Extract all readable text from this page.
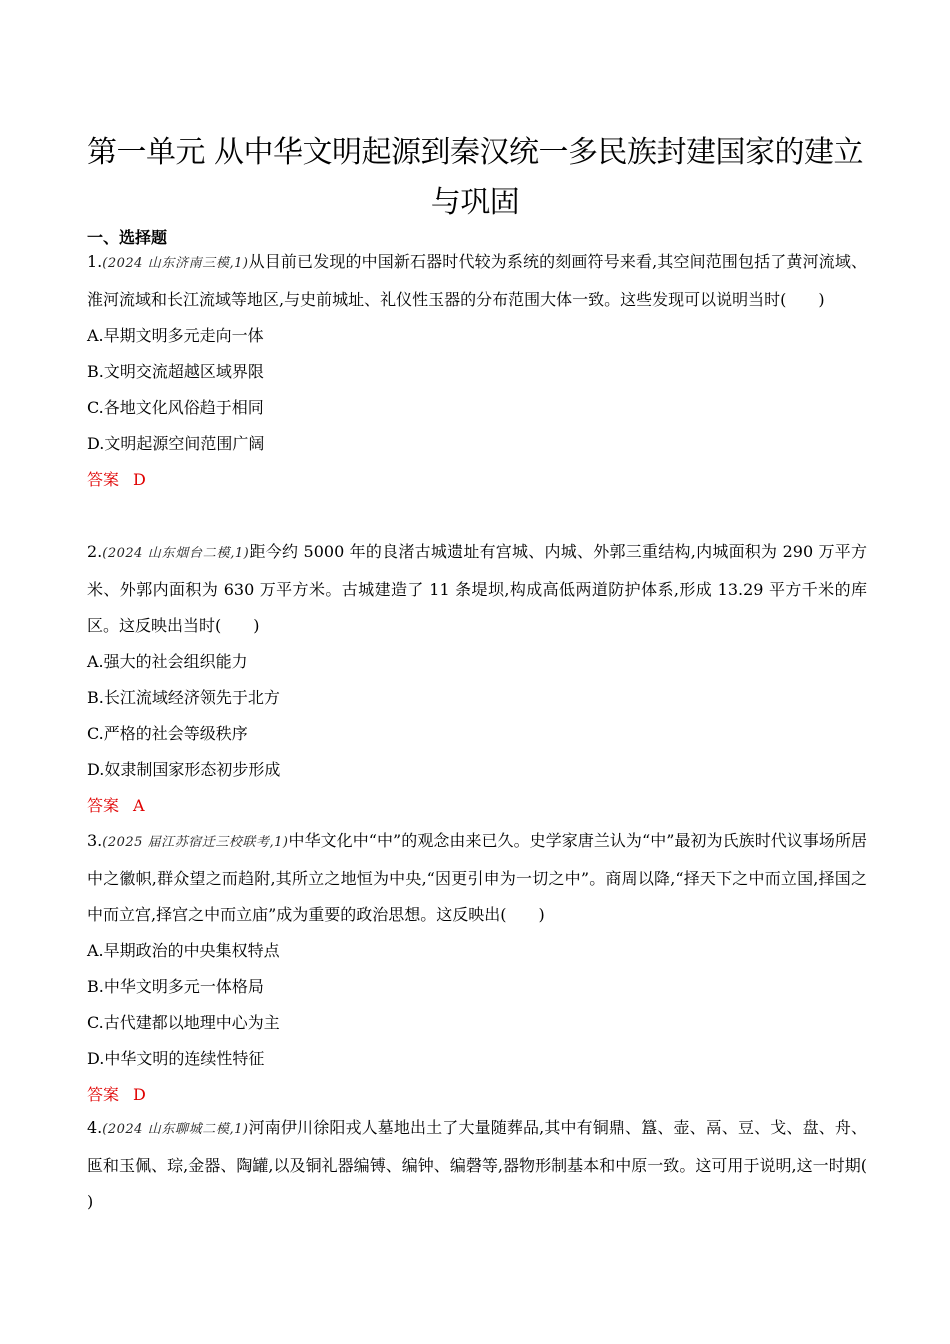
第一单元 从中华文明起源到秦汉统一多民族封建国家的建立
与巩固
一、选择题
1.(2024 山东济南三模,1)从目前已发现的中国新石器时代较为系统的刻画符号来看,其空间范围包括了黄河流域、淮河流域和长江流域等地区,与史前城址、礼仪性玉器的分布范围大体一致。这些发现可以说明当时(　　)
A.早期文明多元走向一体
B.文明交流超越区域界限
C.各地文化风俗趋于相同
D.文明起源空间范围广阔
答案 D
2.(2024 山东烟台二模,1)距今约 5000 年的良渚古城遗址有宫城、内城、外郭三重结构,内城面积为 290 万平方米、外郭内面积为 630 万平方米。古城建造了 11 条堤坝,构成高低两道防护体系,形成 13.29 平方千米的库区。这反映出当时(　　)
A.强大的社会组织能力
B.长江流域经济领先于北方
C.严格的社会等级秩序
D.奴隶制国家形态初步形成
答案 A
3.(2025 届江苏宿迁三校联考,1)中华文化中“中”的观念由来已久。史学家唐兰认为“中”最初为氏族时代议事场所居中之徽帜,群众望之而趋附,其所立之地恒为中央,“因更引申为一切之中”。商周以降,“择天下之中而立国,择国之中而立宫,择宫之中而立庙”成为重要的政治思想。这反映出(　　)
A.早期政治的中央集权特点
B.中华文明多元一体格局
C.古代建都以地理中心为主
D.中华文明的连续性特征
答案 D
4.(2024 山东聊城二模,1)河南伊川徐阳戎人墓地出土了大量随葬品,其中有铜鼎、簋、壶、鬲、豆、戈、盘、舟、匜和玉佩、琮,金器、陶罐,以及铜礼器编镈、编钟、编磬等,器物形制基本和中原一致。这可用于说明,这一时期(　　)
